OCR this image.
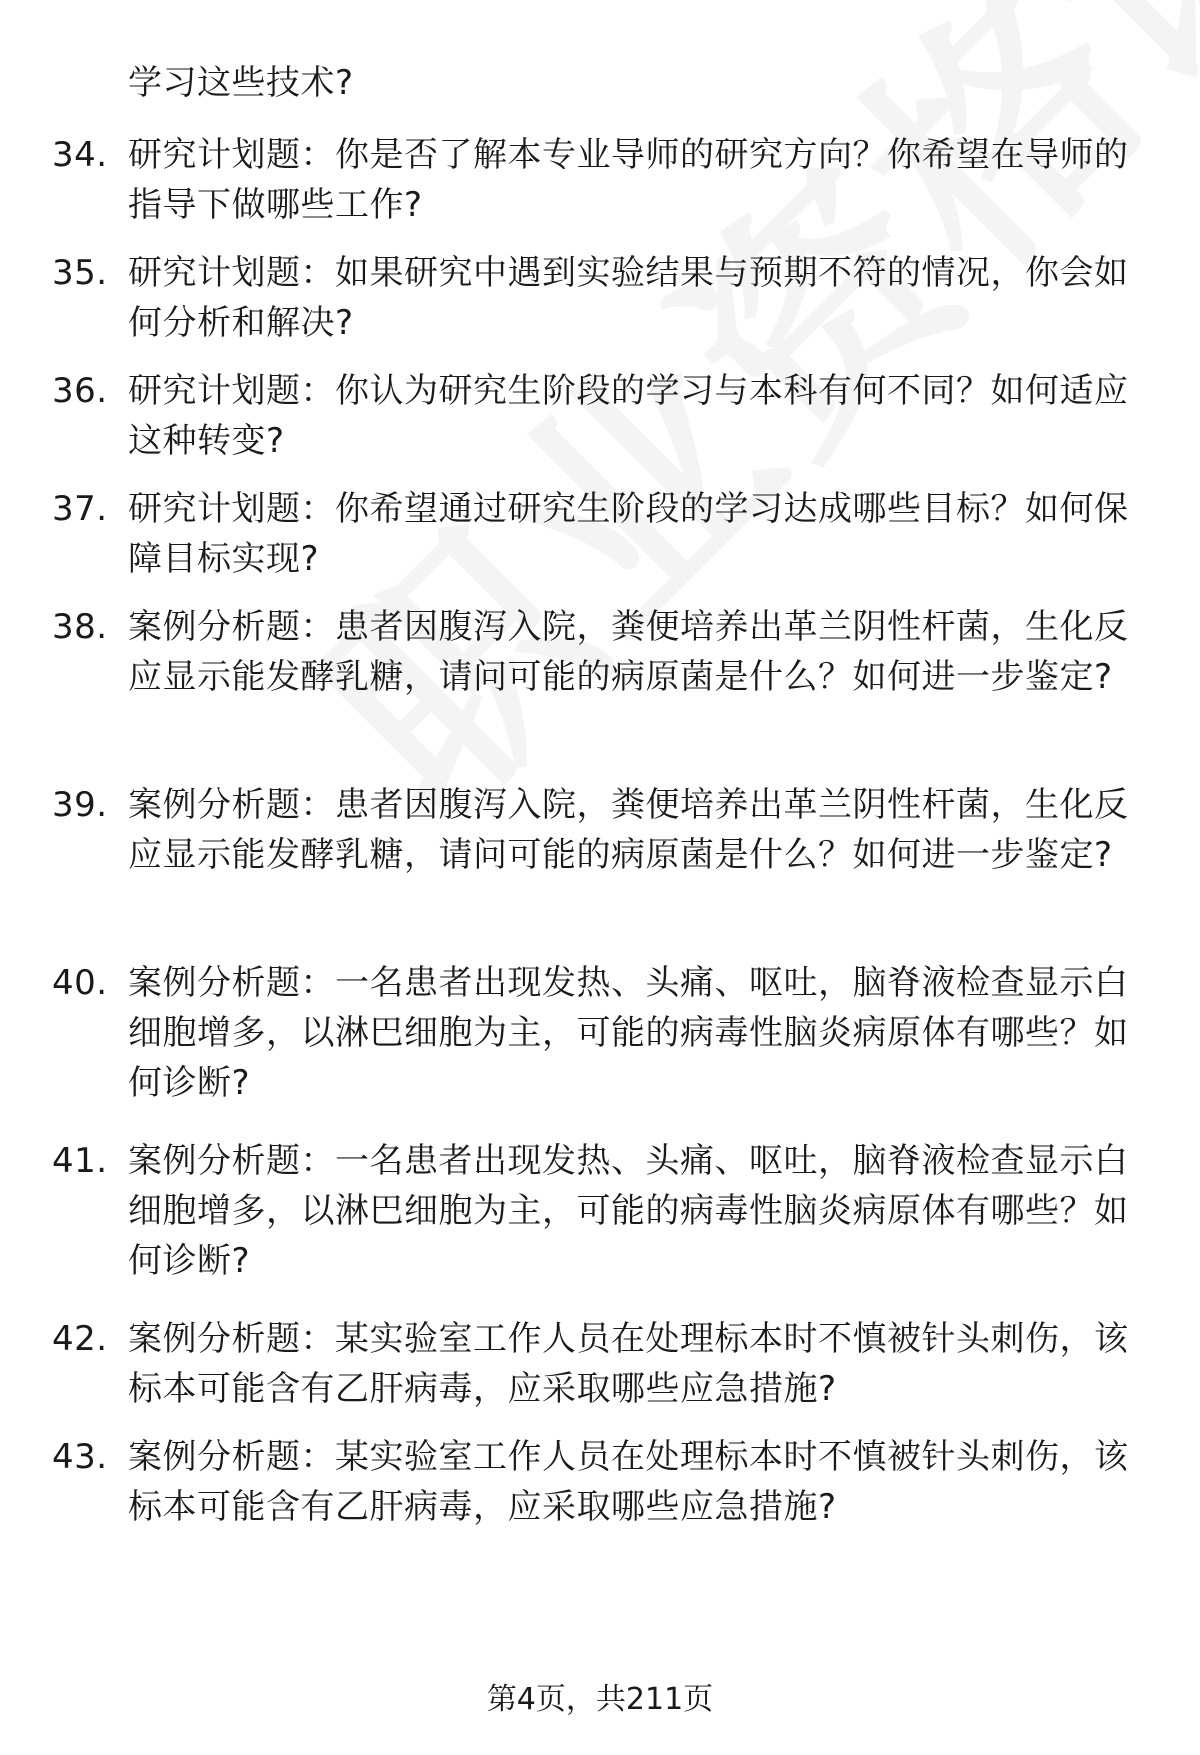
学习这些技术?
34. 研究计划题：你是否了解本专业导师的研究方向？你希望在导师的指导下做哪些工作?
35. 研究计划题：如果研究中遇到实验结果与预期不符的情况，你会如何分析和解决?
36. 研究计划题：你认为研究生阶段的学习与本科有何不同？如何适应这种转变?
37. 研究计划题：你希望通过研究生阶段的学习达成哪些目标？如何保障目标实现?
38. 案例分析题：患者因腹泻入院，粪便培养出革兰阴性杆菌，生化反应显示能发酵乳糖，请问可能的病原菌是什么？如何进一步鉴定?
39. 案例分析题：患者因腹泻入院，粪便培养出革兰阴性杆菌，生化反应显示能发酵乳糖，请问可能的病原菌是什么？如何进一步鉴定?
40. 案例分析题：一名患者出现发热、头痛、呕吐，脑脊液检查显示白细胞增多，以淋巴细胞为主，可能的病毒性脑炎病原体有哪些？如何诊断?
41. 案例分析题：一名患者出现发热、头痛、呕吐，脑脊液检查显示白细胞增多，以淋巴细胞为主，可能的病毒性脑炎病原体有哪些？如何诊断?
42. 案例分析题：某实验室工作人员在处理标本时不慎被针头刺伤，该标本可能含有乙肝病毒，应采取哪些应急措施?
43. 案例分析题：某实验室工作人员在处理标本时不慎被针头刺伤，该标本可能含有乙肝病毒，应采取哪些应急措施?
第4页，共211页
